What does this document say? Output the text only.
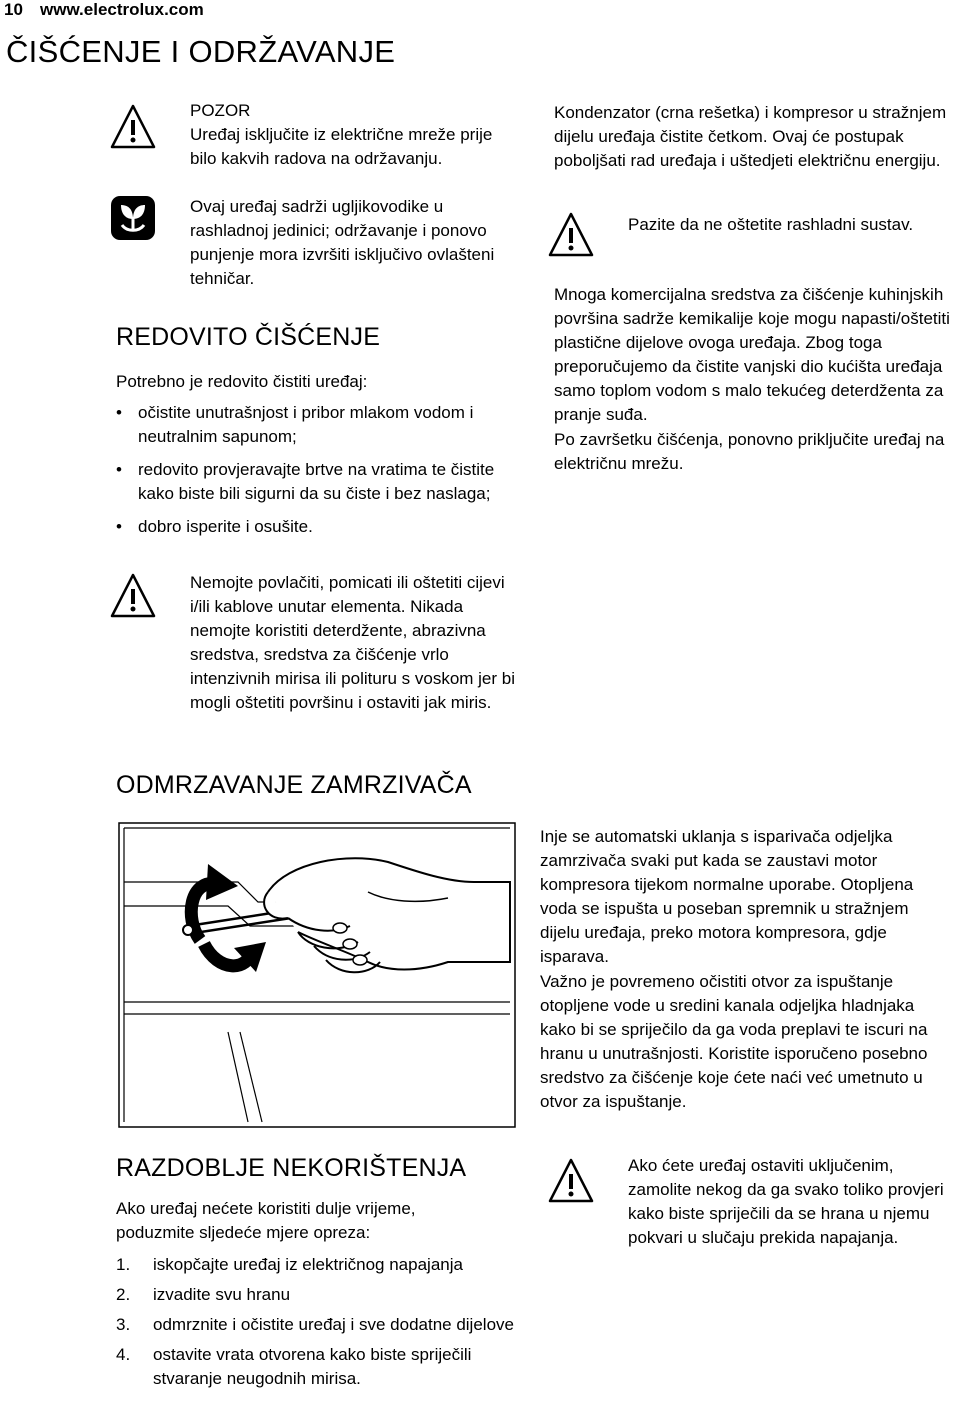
10 www.electrolux.com
ČIŠĆENJE I ODRŽAVANJE
POZOR
Uređaj isključite iz električne mreže prije bilo kakvih radova na održavanju.
Ovaj uređaj sadrži ugljikovodike u rashladnoj jedinici; održavanje i ponovo punjenje mora izvršiti isključivo ovlašteni tehničar.
REDOVITO ČIŠĆENJE
Potrebno je redovito čistiti uređaj:
• očistite unutrašnjost i pribor mlakom vodom i neutralnim sapunom;
• redovito provjeravajte brtve na vratima te čistite kako biste bili sigurni da su čiste i bez naslaga;
• dobro isperite i osušite.
Nemojte povlačiti, pomicati ili oštetiti cijevi i/ili kablove unutar elementa. Nikada nemojte koristiti deterdžente, abrazivna sredstva, sredstva za čišćenje vrlo intenzivnih mirisa ili polituru s voskom jer bi mogli oštetiti površinu i ostaviti jak miris.
Kondenzator (crna rešetka) i kompresor u stražnjem dijelu uređaja čistite četkom. Ovaj će postupak poboljšati rad uređaja i uštedjeti električnu energiju.
Pazite da ne oštetite rashladni sustav.
Mnoga komercijalna sredstva za čišćenje kuhinjskih površina sadrže kemikalije koje mogu napasti/oštetiti plastične dijelove ovoga uređaja. Zbog toga preporučujemo da čistite vanjski dio kućišta uređaja samo toplom vodom s malo tekućeg deterdženta za pranje suđa.
Po završetku čišćenja, ponovno priključite uređaj na električnu mrežu.
ODMRZAVANJE ZAMRZIVAČA
Inje se automatski uklanja s isparivača odjeljka zamrzivača svaki put kada se zaustavi motor kompresora tijekom normalne uporabe. Otopljena voda se ispušta u poseban spremnik u stražnjem dijelu uređaja, preko motora kompresora, gdje isparava.
Važno je povremeno očistiti otvor za ispuštanje otopljene vode u sredini kanala odjeljka hladnjaka kako bi se spriječilo da ga voda preplavi te iscuri na hranu u unutrašnjosti. Koristite isporučeno posebno sredstvo za čišćenje koje ćete naći već umetnuto u otvor za ispuštanje.
Ako ćete uređaj ostaviti uključenim, zamolite nekog da ga svako toliko provjeri kako biste spriječili da se hrana u njemu pokvari u slučaju prekida napajanja.
RAZDOBLJE NEKORIŠTENJA
Ako uređaj nećete koristiti dulje vrijeme, poduzmite sljedeće mjere opreza:
1. iskopčajte uređaj iz električnog napajanja
2. izvadite svu hranu
3. odmrznite i očistite uređaj i sve dodatne dijelove
4. ostavite vrata otvorena kako biste spriječili stvaranje neugodnih mirisa.
